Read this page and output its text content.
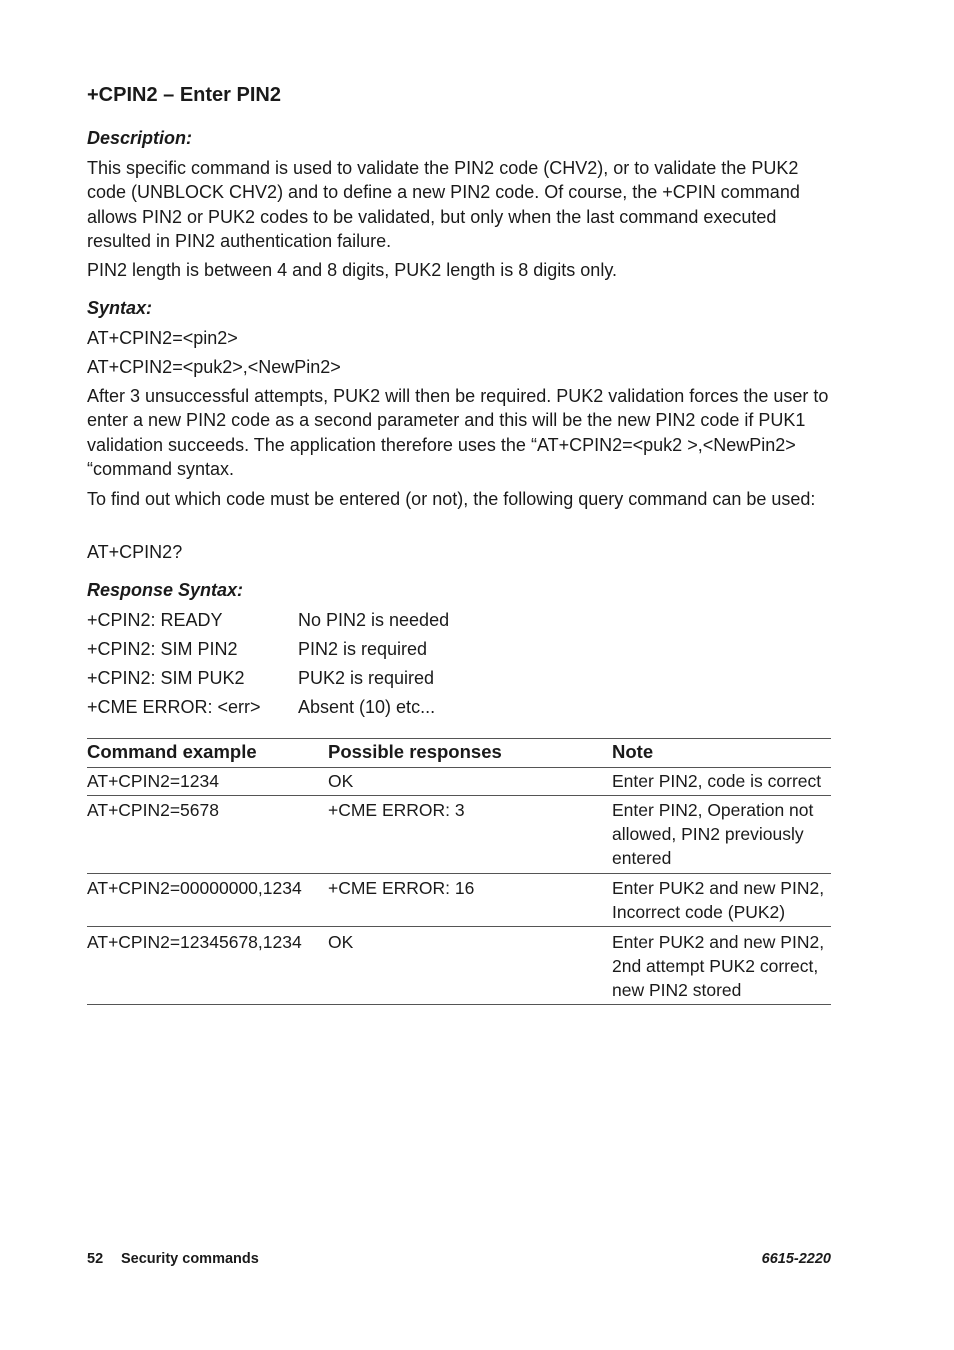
+CPIN2 – Enter PIN2
Description:

This specific command is used to validate the PIN2 code (CHV2), or to validate the PUK2 code (UNBLOCK CHV2) and to define a new PIN2 code. Of course, the +CPIN command allows PIN2 or PUK2 codes to be validated, but only when the last command executed resulted in PIN2 authentication failure.

PIN2 length is between 4 and 8 digits, PUK2 length is 8 digits only.

Syntax:

AT+CPIN2=<pin2>

AT+CPIN2=<puk2>,<NewPin2>

After 3 unsuccessful attempts, PUK2 will then be required. PUK2 validation forces the user to enter a new PIN2 code as a second parameter and this will be the new PIN2 code if PUK1 validation succeeds. The application therefore uses the “AT+CPIN2=<puk2 >,<NewPin2> “command syntax.

To find out which code must be entered (or not), the following query command can be used:

AT+CPIN2?

Response Syntax:
+CPIN2: READY	No PIN2 is needed
+CPIN2: SIM PIN2	PIN2 is required
+CPIN2: SIM PUK2	PUK2 is required
+CME ERROR: <err> Absent (10) etc...
Command example	Possible responses	Note
AT+CPIN2=1234	OK	Enter PIN2, code is correct
AT+CPIN2=5678	+CME ERROR: 3	Enter PIN2, Operation not allowed, PIN2 previously entered
AT+CPIN2=00000000,1234	+CME ERROR: 16	Enter PUK2 and new PIN2, Incorrect code (PUK2)
AT+CPIN2=12345678,1234	OK	Enter PUK2 and new PIN2, 2nd attempt PUK2 correct, new PIN2 stored
52 Security commands	6615-2220
